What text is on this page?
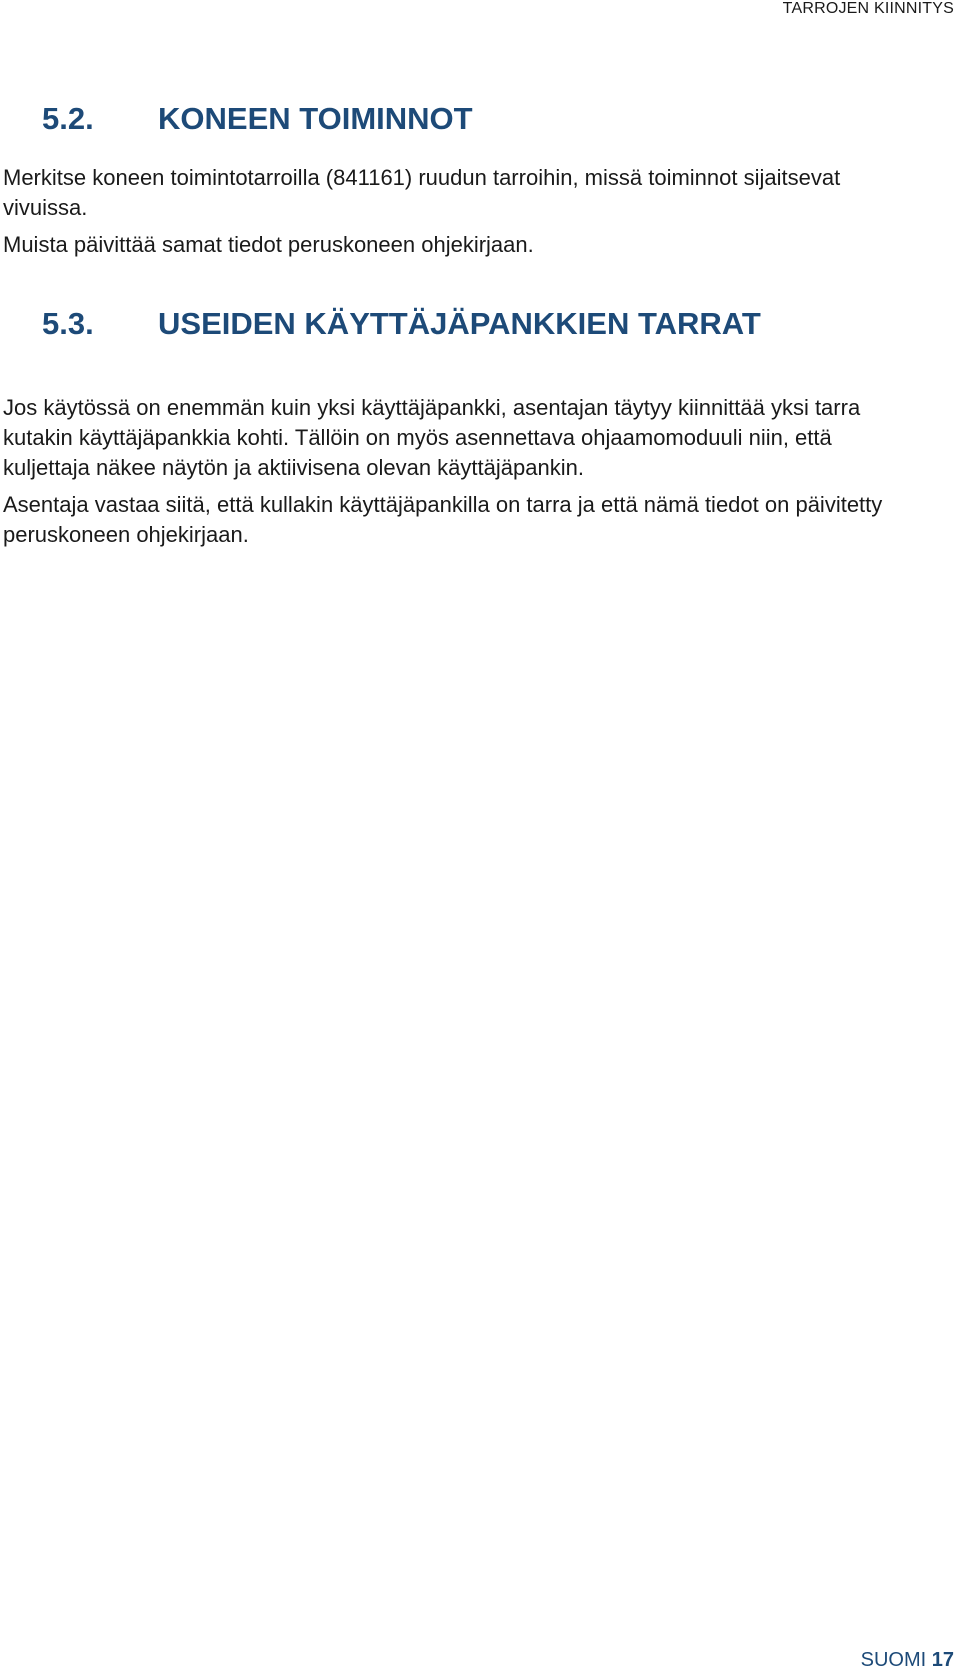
TARROJEN KIINNITYS
5.2. KONEEN TOIMINNOT

Merkitse koneen toimintotarroilla (841161) ruudun tarroihin, missä toiminnot sijaitsevat vivuissa.

Muista päivittää samat tiedot peruskoneen ohjekirjaan.

5.3. USEIDEN KÄYTTÄJÄPANKKIEN TARRAT

Jos käytössä on enemmän kuin yksi käyttäjäpankki, asentajan täytyy kiinnittää yksi tarra kutakin käyttäjäpankkia kohti. Tällöin on myös asennettava ohjaamomoduuli niin, että kuljettaja näkee näytön ja aktiivisena olevan käyttäjäpankin.

Asentaja vastaa siitä, että kullakin käyttäjäpankilla on tarra ja että nämä tiedot on päivitetty peruskoneen ohjekirjaan.

SUOMI 17
